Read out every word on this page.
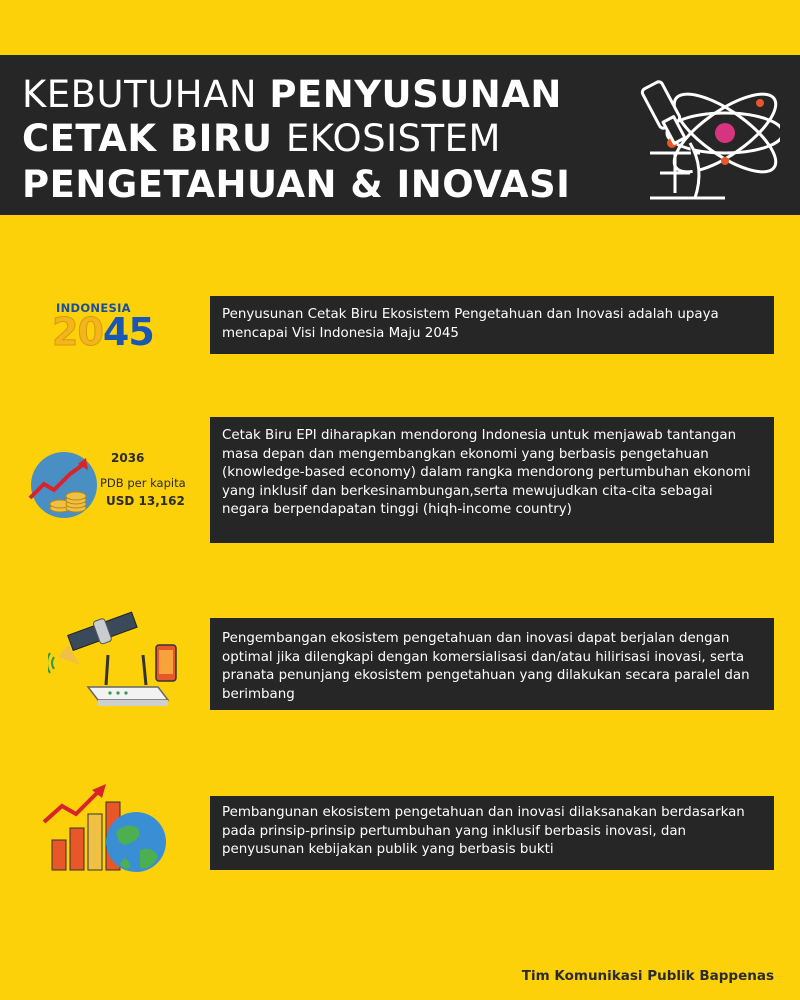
KEBUTUHAN PENYUSUNAN
CETAK BIRU EKOSISTEM
PENGETAHUAN & INOVASI
INDONESIA
2045	Penyusunan Cetak Biru Ekosistem Pengetahuan dan Inovasi adalah upaya mencapai Visi Indonesia Maju 2045
2036
PDB per kapita
USD 13,162
Cetak Biru EPI diharapkan mendorong Indonesia untuk menjawab tantangan masa depan dan mengembangkan ekonomi yang berbasis pengetahuan (knowledge-based economy) dalam rangka mendorong pertumbuhan ekonomi yang inklusif dan berkesinambungan,serta mewujudkan cita-cita sebagai negara berpendapatan tinggi (hiqh-income country)
Pengembangan ekosistem pengetahuan dan inovasi dapat berjalan dengan optimal jika dilengkapi dengan komersialisasi dan/atau hilirisasi inovasi, serta pranata penunjang ekosistem pengetahuan yang dilakukan secara paralel dan berimbang
Pembangunan ekosistem pengetahuan dan inovasi dilaksanakan berdasarkan pada prinsip-prinsip pertumbuhan yang inklusif berbasis inovasi, dan penyusunan kebijakan publik yang berbasis bukti
Tim Komunikasi Publik Bappenas
